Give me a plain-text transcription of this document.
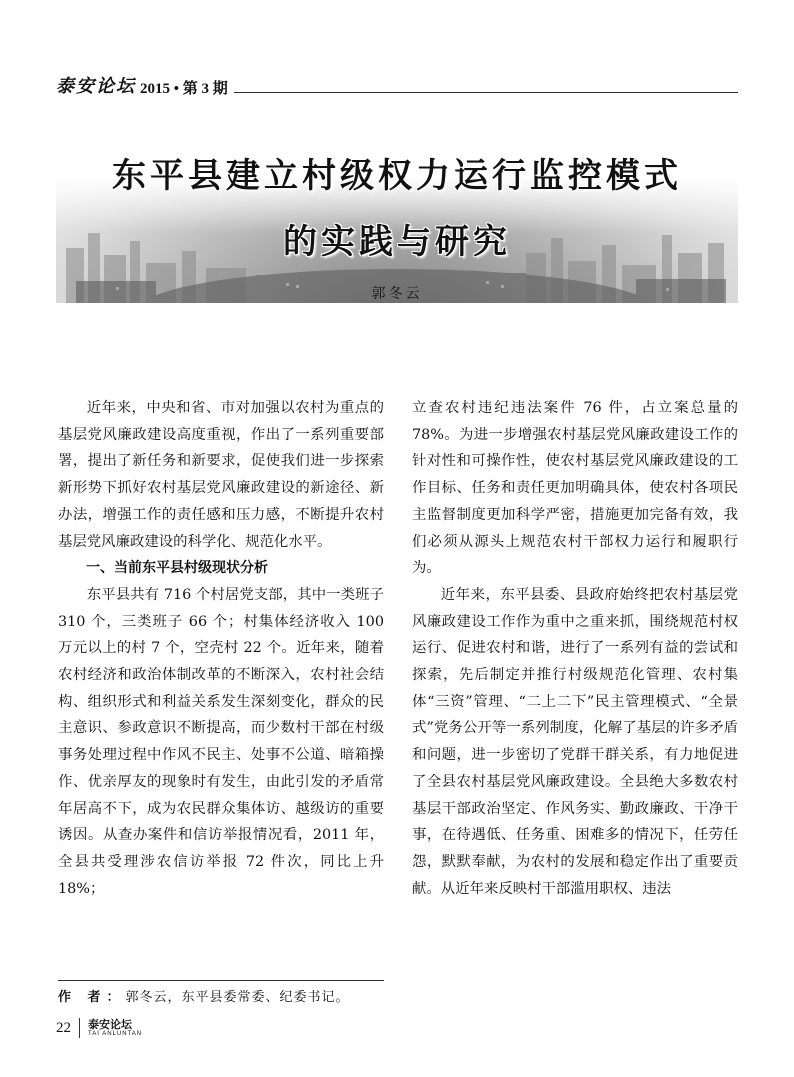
泰安论坛 2015 • 第 3 期
东平县建立村级权力运行监控模式
的实践与研究
郭冬云

近年来，中央和省、市对加强以农村为重点的基层党风廉政建设高度重视，作出了一系列重要部署，提出了新任务和新要求，促使我们进一步探索新形势下抓好农村基层党风廉政建设的新途径、新办法，增强工作的责任感和压力感，不断提升农村基层党风廉政建设的科学化、规范化水平。

一、当前东平县村级现状分析

东平县共有 716 个村居党支部，其中一类班子 310 个，三类班子 66 个；村集体经济收入 100 万元以上的村 7 个，空壳村 22 个。近年来，随着农村经济和政治体制改革的不断深入，农村社会结构、组织形式和利益关系发生深刻变化，群众的民主意识、参政意识不断提高，而少数村干部在村级事务处理过程中作风不民主、处事不公道、暗箱操作、优亲厚友的现象时有发生，由此引发的矛盾常年居高不下，成为农民群众集体访、越级访的重要诱因。从查办案件和信访举报情况看，2011 年，全县共受理涉农信访举报 72 件次，同比上升 18%；

立查农村违纪违法案件 76 件，占立案总量的 78%。为进一步增强农村基层党风廉政建设工作的针对性和可操作性，使农村基层党风廉政建设的工作目标、任务和责任更加明确具体，使农村各项民主监督制度更加科学严密，措施更加完备有效，我们必须从源头上规范农村干部权力运行和履职行为。

近年来，东平县委、县政府始终把农村基层党风廉政建设工作作为重中之重来抓，围绕规范村权运行、促进农村和谐，进行了一系列有益的尝试和探索，先后制定并推行村级规范化管理、农村集体“三资”管理、“二上二下”民主管理模式、“全景式”党务公开等一系列制度，化解了基层的许多矛盾和问题，进一步密切了党群干群关系，有力地促进了全县农村基层党风廉政建设。全县绝大多数农村基层干部政治坚定、作风务实、勤政廉政、干净干事，在待遇低、任务重、困难多的情况下，任劳任怨，默默奉献，为农村的发展和稳定作出了重要贡献。从近年来反映村干部滥用职权、违法

作 者：郭冬云，东平县委常委、纪委书记。
22 泰安论坛
TAI ANLUNTAN
